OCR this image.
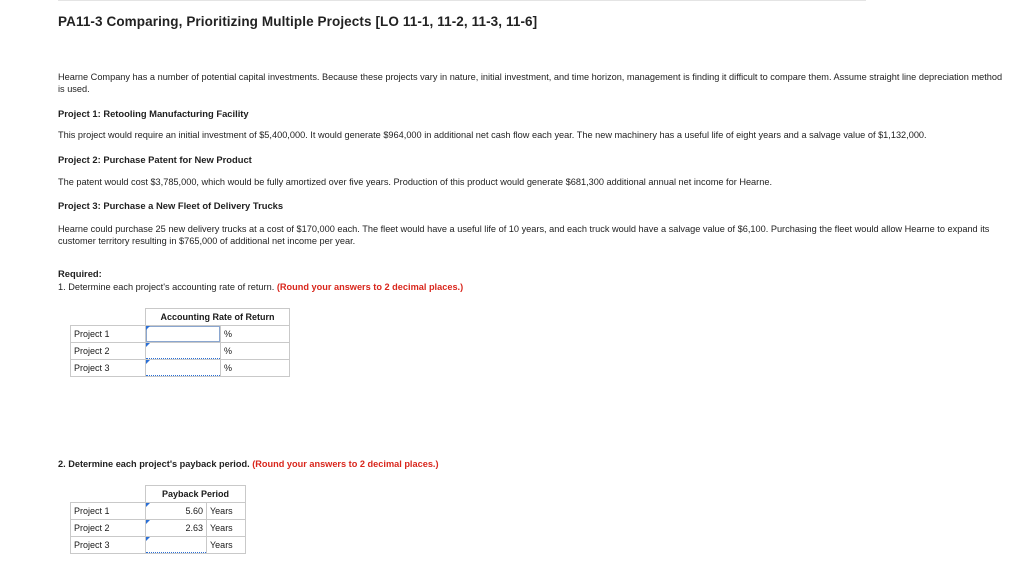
PA11-3 Comparing, Prioritizing Multiple Projects [LO 11-1, 11-2, 11-3, 11-6]
Hearne Company has a number of potential capital investments. Because these projects vary in nature, initial investment, and time horizon, management is finding it difficult to compare them. Assume straight line depreciation method is used.
Project 1: Retooling Manufacturing Facility
This project would require an initial investment of $5,400,000. It would generate $964,000 in additional net cash flow each year. The new machinery has a useful life of eight years and a salvage value of $1,132,000.
Project 2: Purchase Patent for New Product
The patent would cost $3,785,000, which would be fully amortized over five years. Production of this product would generate $681,300 additional annual net income for Hearne.
Project 3: Purchase a New Fleet of Delivery Trucks
Hearne could purchase 25 new delivery trucks at a cost of $170,000 each. The fleet would have a useful life of 10 years, and each truck would have a salvage value of $6,100. Purchasing the fleet would allow Hearne to expand its customer territory resulting in $765,000 of additional net income per year.
Required:
1. Determine each project's accounting rate of return. (Round your answers to 2 decimal places.)
	Accounting Rate of Return	
Project 1		%
Project 2		%
Project 3		%
2. Determine each project's payback period. (Round your answers to 2 decimal places.)
	Payback Period	
Project 1	5.60	Years
Project 2	2.63	Years
Project 3		Years
